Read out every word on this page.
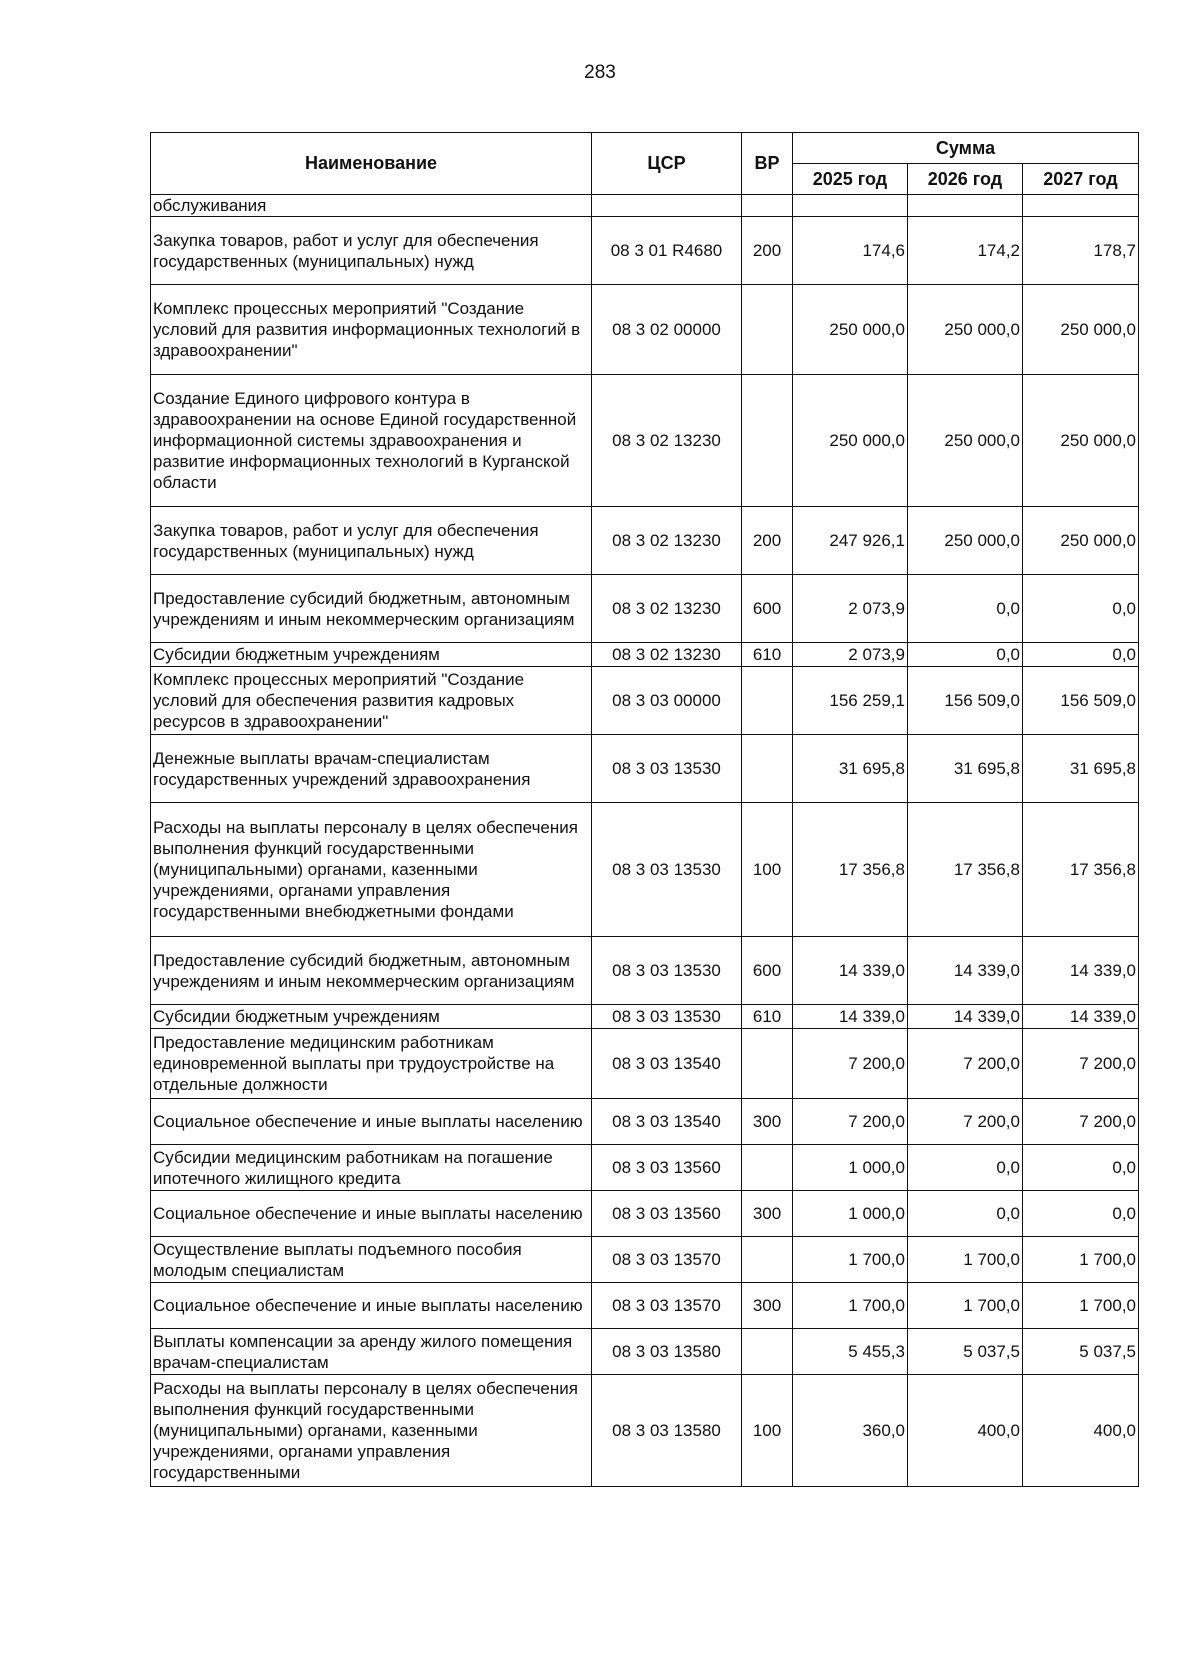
283
Наименование	ЦСР	ВР	Сумма		
			2025 год	2026 год	2027 год
обслуживания					
Закупка товаров, работ и услуг для обеспечения государственных (муниципальных) нужд	08 3 01 R4680	200	174,6	174,2	178,7
Комплекс процессных мероприятий "Создание условий для развития информационных технологий в здравоохранении"	08 3 02 00000		250 000,0	250 000,0	250 000,0
Создание Единого цифрового контура в здравоохранении на основе Единой государственной информационной системы здравоохранения и развитие информационных технологий в Курганской области	08 3 02 13230		250 000,0	250 000,0	250 000,0
Закупка товаров, работ и услуг для обеспечения государственных (муниципальных) нужд	08 3 02 13230	200	247 926,1	250 000,0	250 000,0
Предоставление субсидий бюджетным, автономным учреждениям и иным некоммерческим организациям	08 3 02 13230	600	2 073,9	0,0	0,0
Субсидии бюджетным учреждениям	08 3 02 13230	610	2 073,9	0,0	0,0
Комплекс процессных мероприятий "Создание условий для обеспечения развития кадровых ресурсов в здравоохранении"	08 3 03 00000		156 259,1	156 509,0	156 509,0
Денежные выплаты врачам-специалистам государственных учреждений здравоохранения	08 3 03 13530		31 695,8	31 695,8	31 695,8
Расходы на выплаты персоналу в целях обеспечения выполнения функций государственными (муниципальными) органами, казенными учреждениями, органами управления государственными внебюджетными фондами	08 3 03 13530	100	17 356,8	17 356,8	17 356,8
Предоставление субсидий бюджетным, автономным учреждениям и иным некоммерческим организациям	08 3 03 13530	600	14 339,0	14 339,0	14 339,0
Субсидии бюджетным учреждениям	08 3 03 13530	610	14 339,0	14 339,0	14 339,0
Предоставление медицинским работникам единовременной выплаты при трудоустройстве на отдельные должности	08 3 03 13540		7 200,0	7 200,0	7 200,0
Социальное обеспечение и иные выплаты населению	08 3 03 13540	300	7 200,0	7 200,0	7 200,0
Субсидии медицинским работникам на погашение ипотечного жилищного кредита	08 3 03 13560		1 000,0	0,0	0,0
Социальное обеспечение и иные выплаты населению	08 3 03 13560	300	1 000,0	0,0	0,0
Осуществление выплаты подъемного пособия молодым специалистам	08 3 03 13570		1 700,0	1 700,0	1 700,0
Социальное обеспечение и иные выплаты населению	08 3 03 13570	300	1 700,0	1 700,0	1 700,0
Выплаты компенсации за аренду жилого помещения врачам-специалистам	08 3 03 13580		5 455,3	5 037,5	5 037,5
Расходы на выплаты персоналу в целях обеспечения выполнения функций государственными (муниципальными) органами, казенными учреждениями, органами управления государственными	08 3 03 13580	100	360,0	400,0	400,0
